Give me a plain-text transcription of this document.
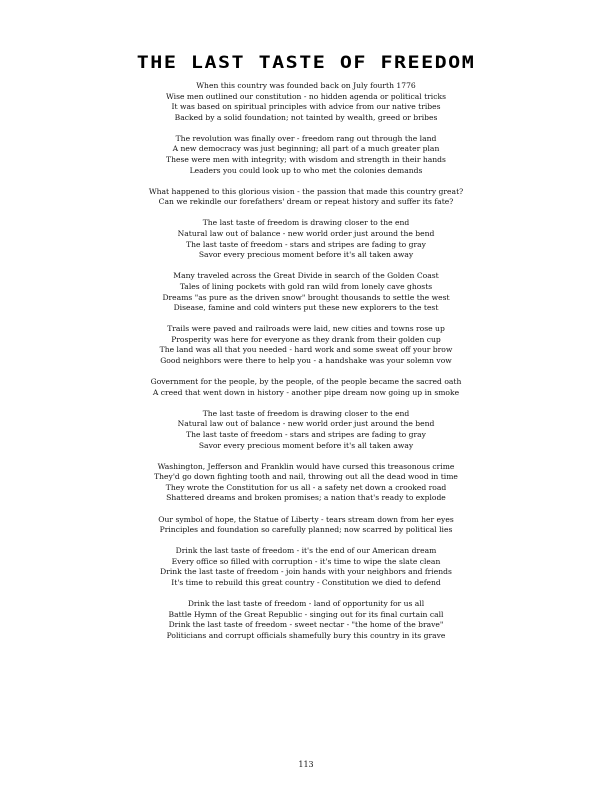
THE LAST TASTE OF FREEDOM
When this country was founded back on July fourth 1776
Wise men outlined our constitution - no hidden agenda or political tricks
It was based on spiritual principles with advice from our native tribes
Backed by a solid foundation; not tainted by wealth, greed or bribes
The revolution was finally over - freedom rang out through the land
A new democracy was just beginning; all part of a much greater plan
These were men with integrity; with wisdom and strength in their hands
Leaders you could look up to who met the colonies demands
What happened to this glorious vision - the passion that made this country great?
Can we rekindle our forefathers' dream or repeat history and suffer its fate?
The last taste of freedom is drawing closer to the end
Natural law out of balance - new world order just around the bend
The last taste of freedom - stars and stripes are fading to gray
Savor every precious moment before it's all taken away
Many traveled across the Great Divide in search of the Golden Coast
Tales of lining pockets with gold ran wild from lonely cave ghosts
Dreams "as pure as the driven snow" brought thousands to settle the west
Disease, famine and cold winters put these new explorers to the test
Trails were paved and railroads were laid, new cities and towns rose up
Prosperity was here for everyone as they drank from their golden cup
The land was all that you needed - hard work and some sweat off your brow
Good neighbors were there to help you - a handshake was your solemn vow
Government for the people, by the people, of the people became the sacred oath
A creed that went down in history - another pipe dream now going up in smoke
The last taste of freedom is drawing closer to the end
Natural law out of balance - new world order just around the bend
The last taste of freedom - stars and stripes are fading to gray
Savor every precious moment before it's all taken away
Washington, Jefferson and Franklin would have cursed this treasonous crime
They'd go down fighting tooth and nail, throwing out all the dead wood in time
They wrote the Constitution for us all - a safety net down a crooked road
Shattered dreams and broken promises; a nation that's ready to explode
Our symbol of hope, the Statue of Liberty - tears stream down from her eyes
Principles and foundation so carefully planned; now scarred by political lies
Drink the last taste of freedom - it's the end of our American dream
Every office so filled with corruption - it's time to wipe the slate clean
Drink the last taste of freedom - join hands with your neighbors and friends
It's time to rebuild this great country - Constitution we died to defend
Drink the last taste of freedom - land of opportunity for us all
Battle Hymn of the Great Republic - singing out for its final curtain call
Drink the last taste of freedom - sweet nectar - "the home of the brave"
Politicians and corrupt officials shamefully bury this country in its grave
113
